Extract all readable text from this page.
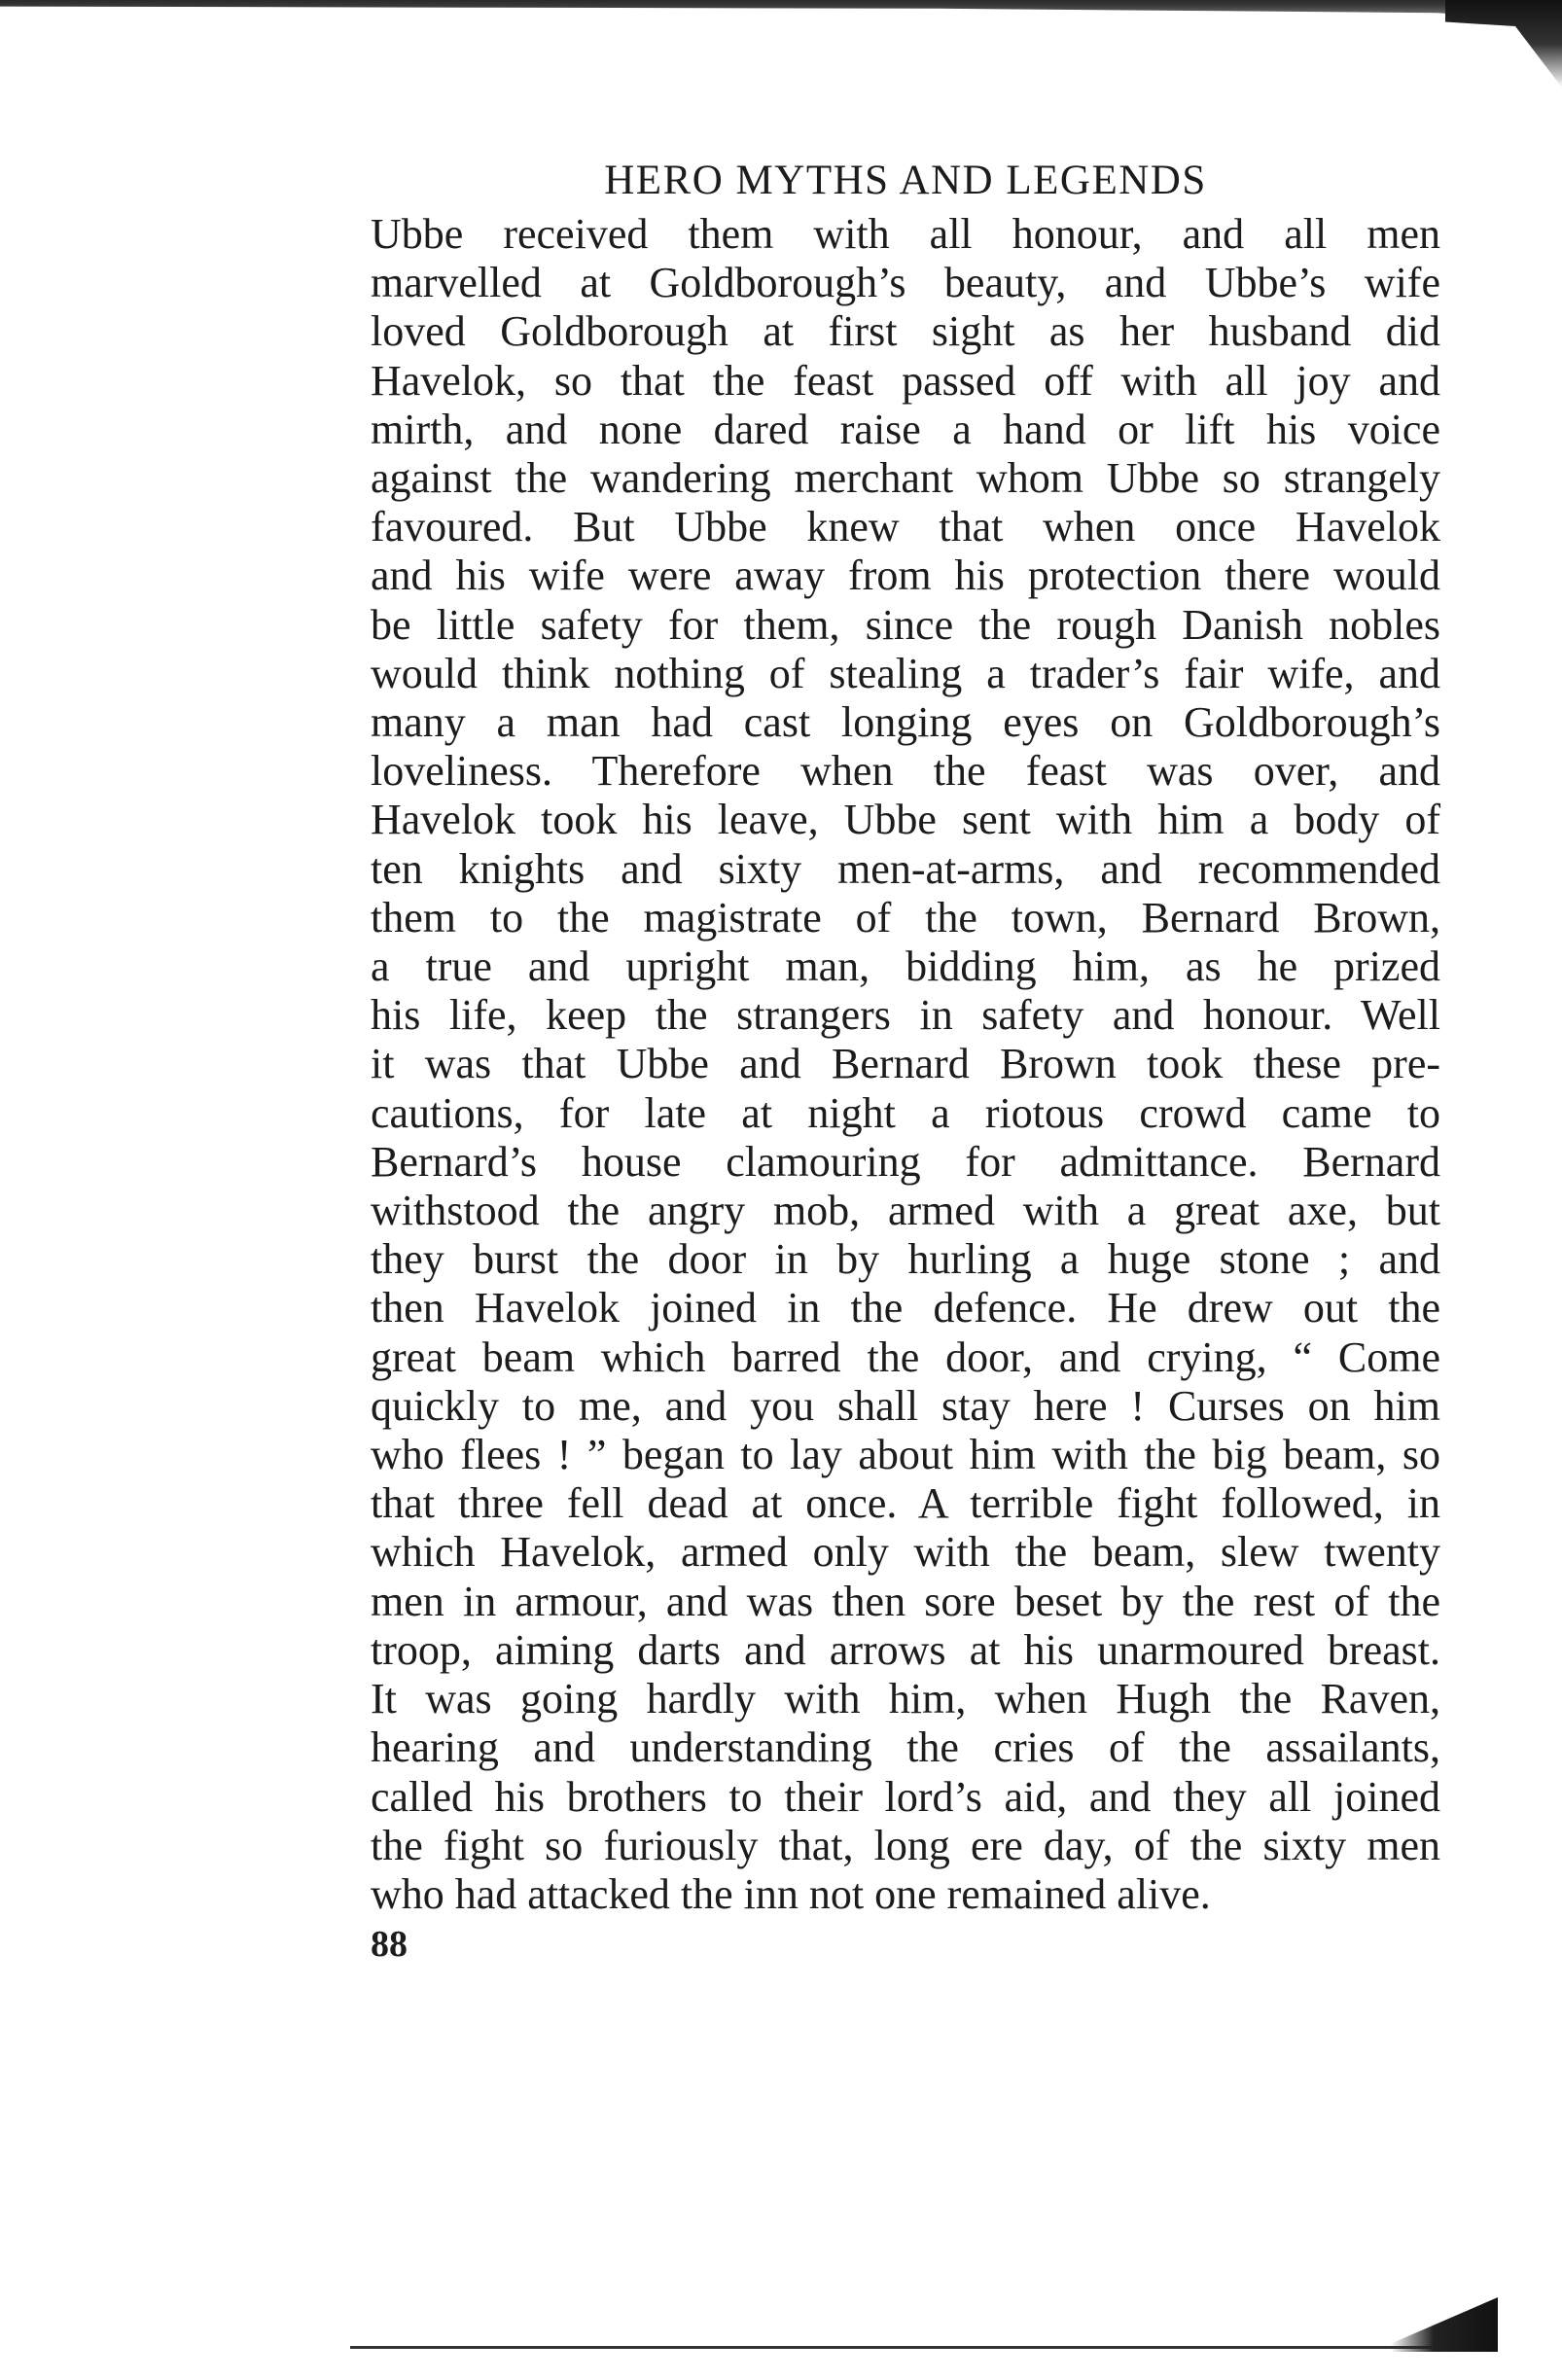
HERO MYTHS AND LEGENDS
Ubbe received them with all honour, and all men
marvelled at Goldborough’s beauty, and Ubbe’s wife
loved Goldborough at first sight as her husband did
Havelok, so that the feast passed off with all joy and
mirth, and none dared raise a hand or lift his voice
against the wandering merchant whom Ubbe so strangely
favoured. But Ubbe knew that when once Havelok
and his wife were away from his protection there would
be little safety for them, since the rough Danish nobles
would think nothing of stealing a trader’s fair wife, and
many a man had cast longing eyes on Goldborough’s
loveliness. Therefore when the feast was over, and
Havelok took his leave, Ubbe sent with him a body of
ten knights and sixty men-at-arms, and recommended
them to the magistrate of the town, Bernard Brown,
a true and upright man, bidding him, as he prized
his life, keep the strangers in safety and honour. Well
it was that Ubbe and Bernard Brown took these pre-
cautions, for late at night a riotous crowd came to
Bernard’s house clamouring for admittance. Bernard
withstood the angry mob, armed with a great axe, but
they burst the door in by hurling a huge stone ; and
then Havelok joined in the defence. He drew out the
great beam which barred the door, and crying, “ Come
quickly to me, and you shall stay here ! Curses on him
who flees ! ” began to lay about him with the big beam, so
that three fell dead at once. A terrible fight followed, in
which Havelok, armed only with the beam, slew twenty
men in armour, and was then sore beset by the rest of the
troop, aiming darts and arrows at his unarmoured breast.
It was going hardly with him, when Hugh the Raven,
hearing and understanding the cries of the assailants,
called his brothers to their lord’s aid, and they all joined
the fight so furiously that, long ere day, of the sixty men
who had attacked the inn not one remained alive.
88
